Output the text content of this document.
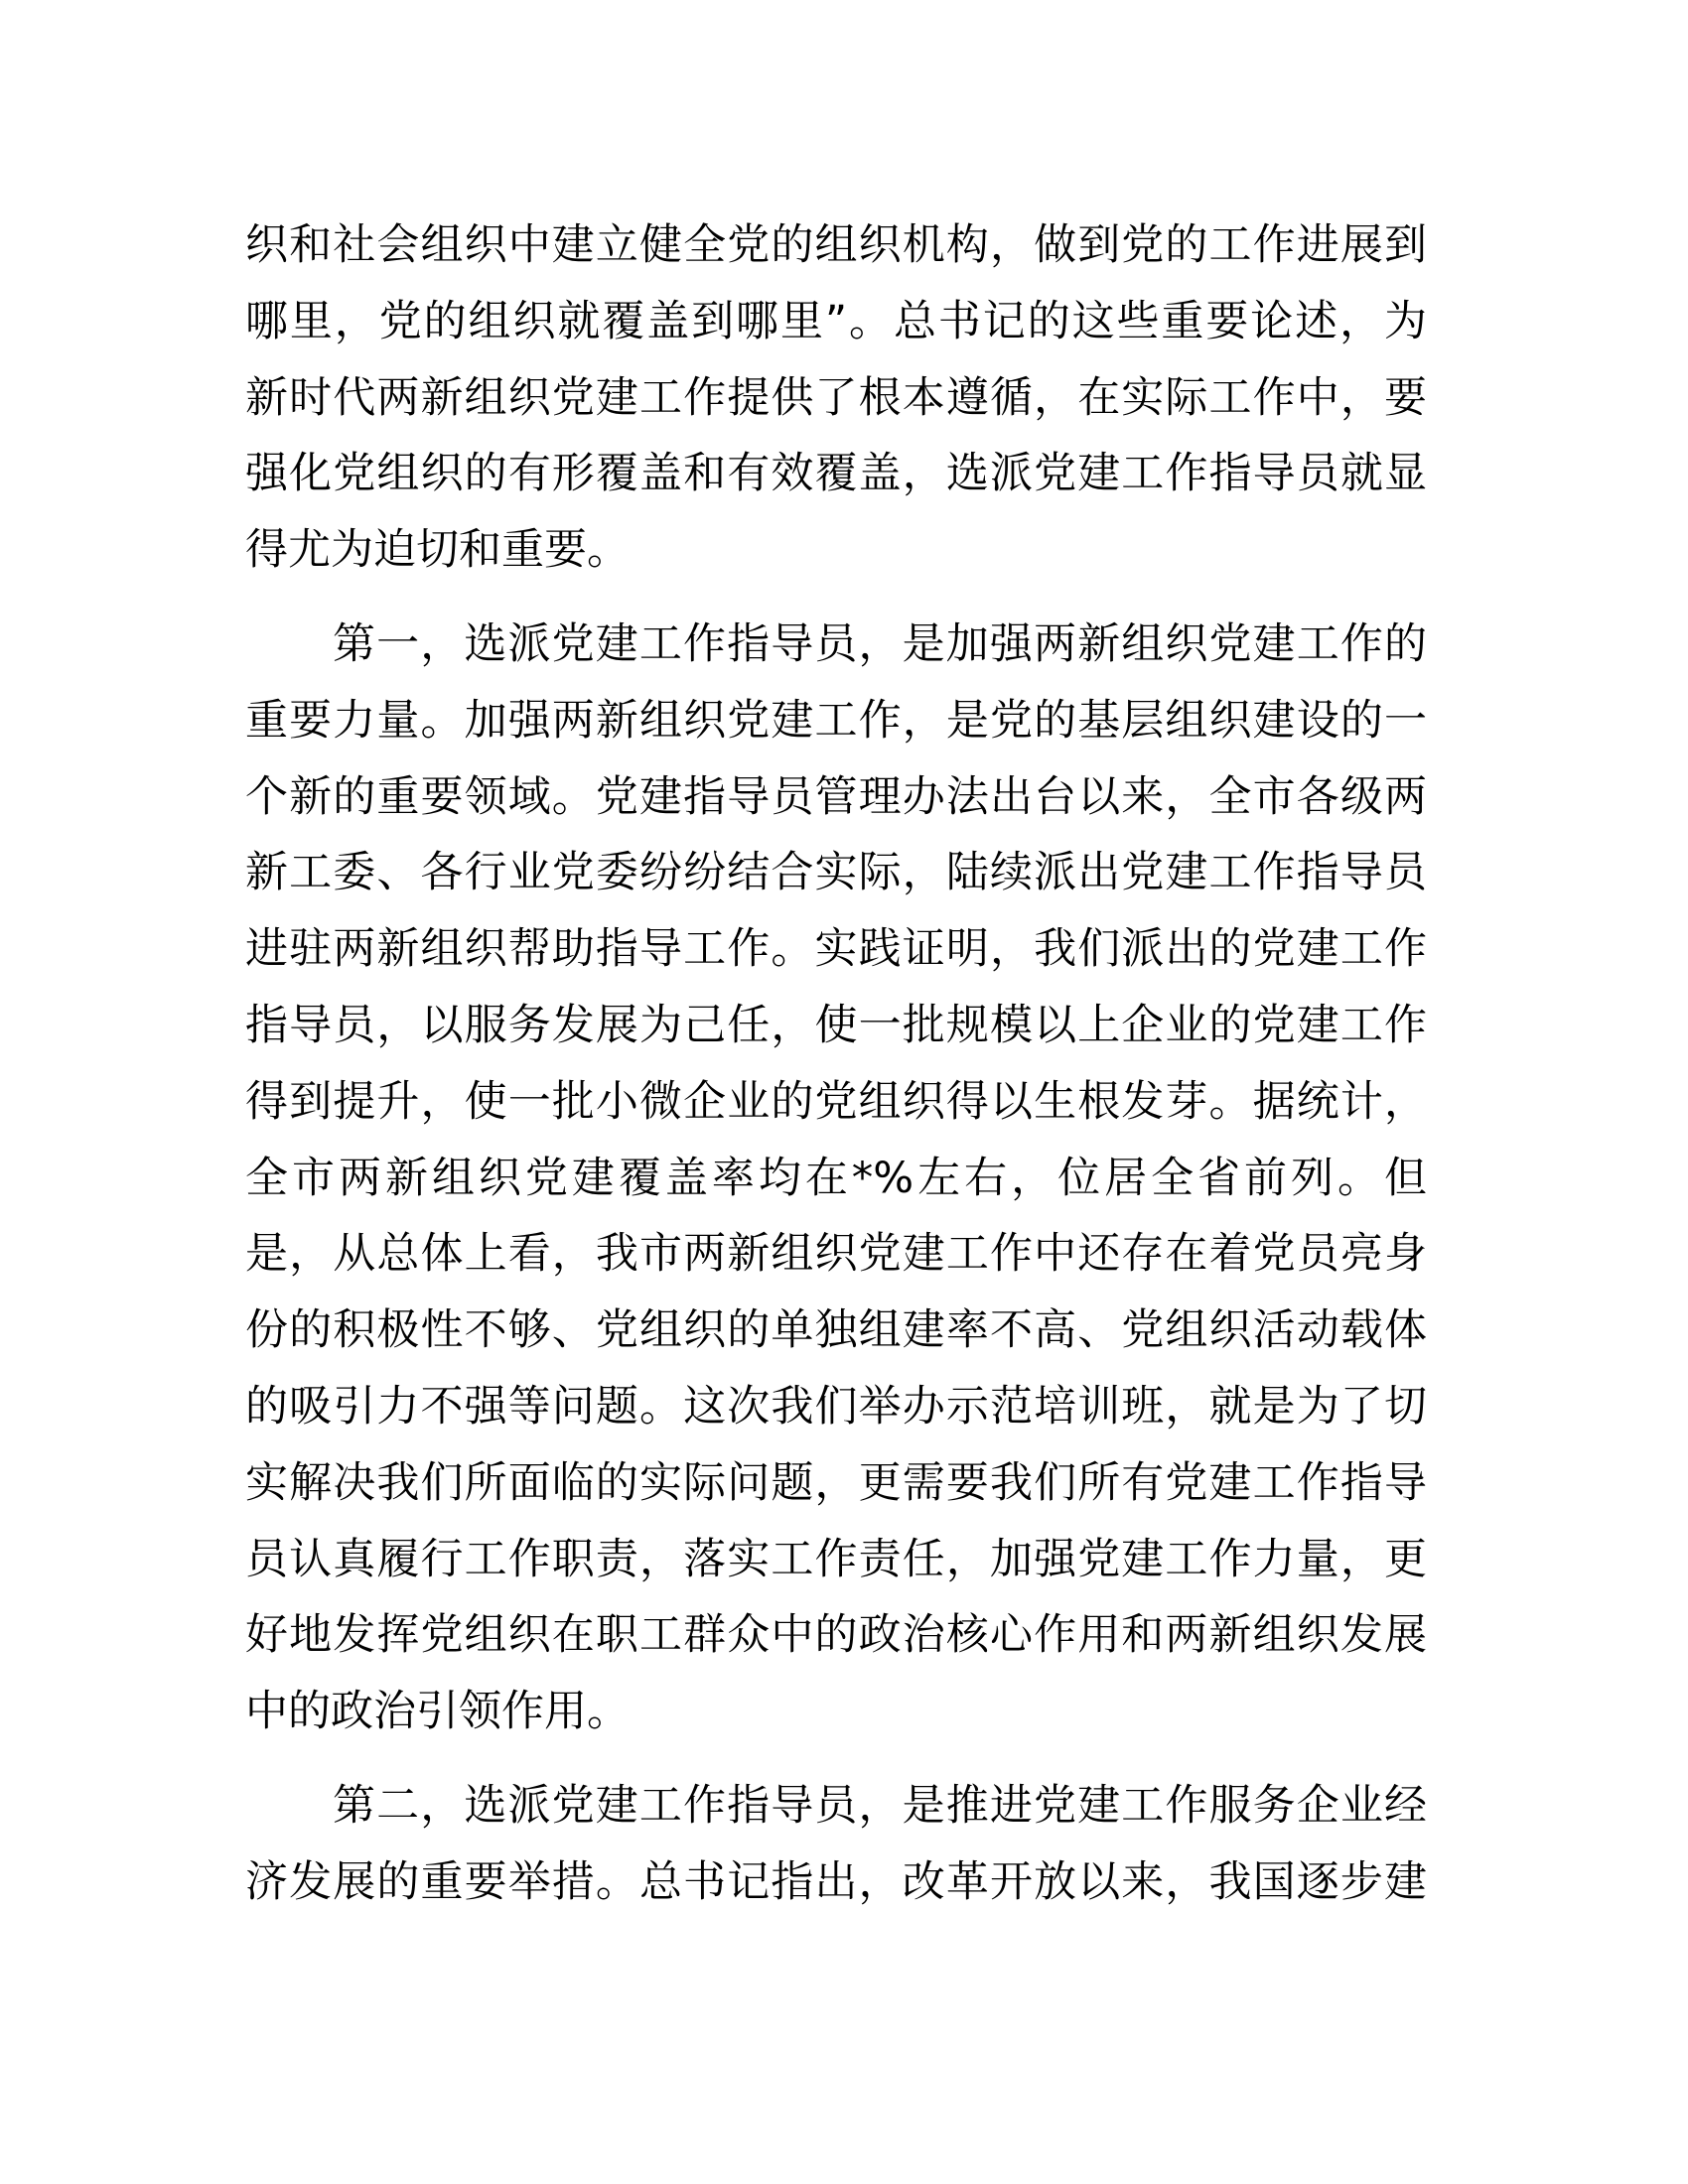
织和社会组织中建立健全党的组织机构，做到党的工作进展到
哪里，党的组织就覆盖到哪里”。总书记的这些重要论述，为
新时代两新组织党建工作提供了根本遵循，在实际工作中，要
强化党组织的有形覆盖和有效覆盖，选派党建工作指导员就显
得尤为迫切和重要。
第一，选派党建工作指导员，是加强两新组织党建工作的
重要力量。加强两新组织党建工作，是党的基层组织建设的一
个新的重要领域。党建指导员管理办法出台以来，全市各级两
新工委、各行业党委纷纷结合实际，陆续派出党建工作指导员
进驻两新组织帮助指导工作。实践证明，我们派出的党建工作
指导员，以服务发展为己任，使一批规模以上企业的党建工作
得到提升，使一批小微企业的党组织得以生根发芽。据统计，
全市两新组织党建覆盖率均在*%左右，位居全省前列。但
是，从总体上看，我市两新组织党建工作中还存在着党员亮身
份的积极性不够、党组织的单独组建率不高、党组织活动载体
的吸引力不强等问题。这次我们举办示范培训班，就是为了切
实解决我们所面临的实际问题，更需要我们所有党建工作指导
员认真履行工作职责，落实工作责任，加强党建工作力量，更
好地发挥党组织在职工群众中的政治核心作用和两新组织发展
中的政治引领作用。
第二，选派党建工作指导员，是推进党建工作服务企业经
济发展的重要举措。总书记指出，改革开放以来，我国逐步建
